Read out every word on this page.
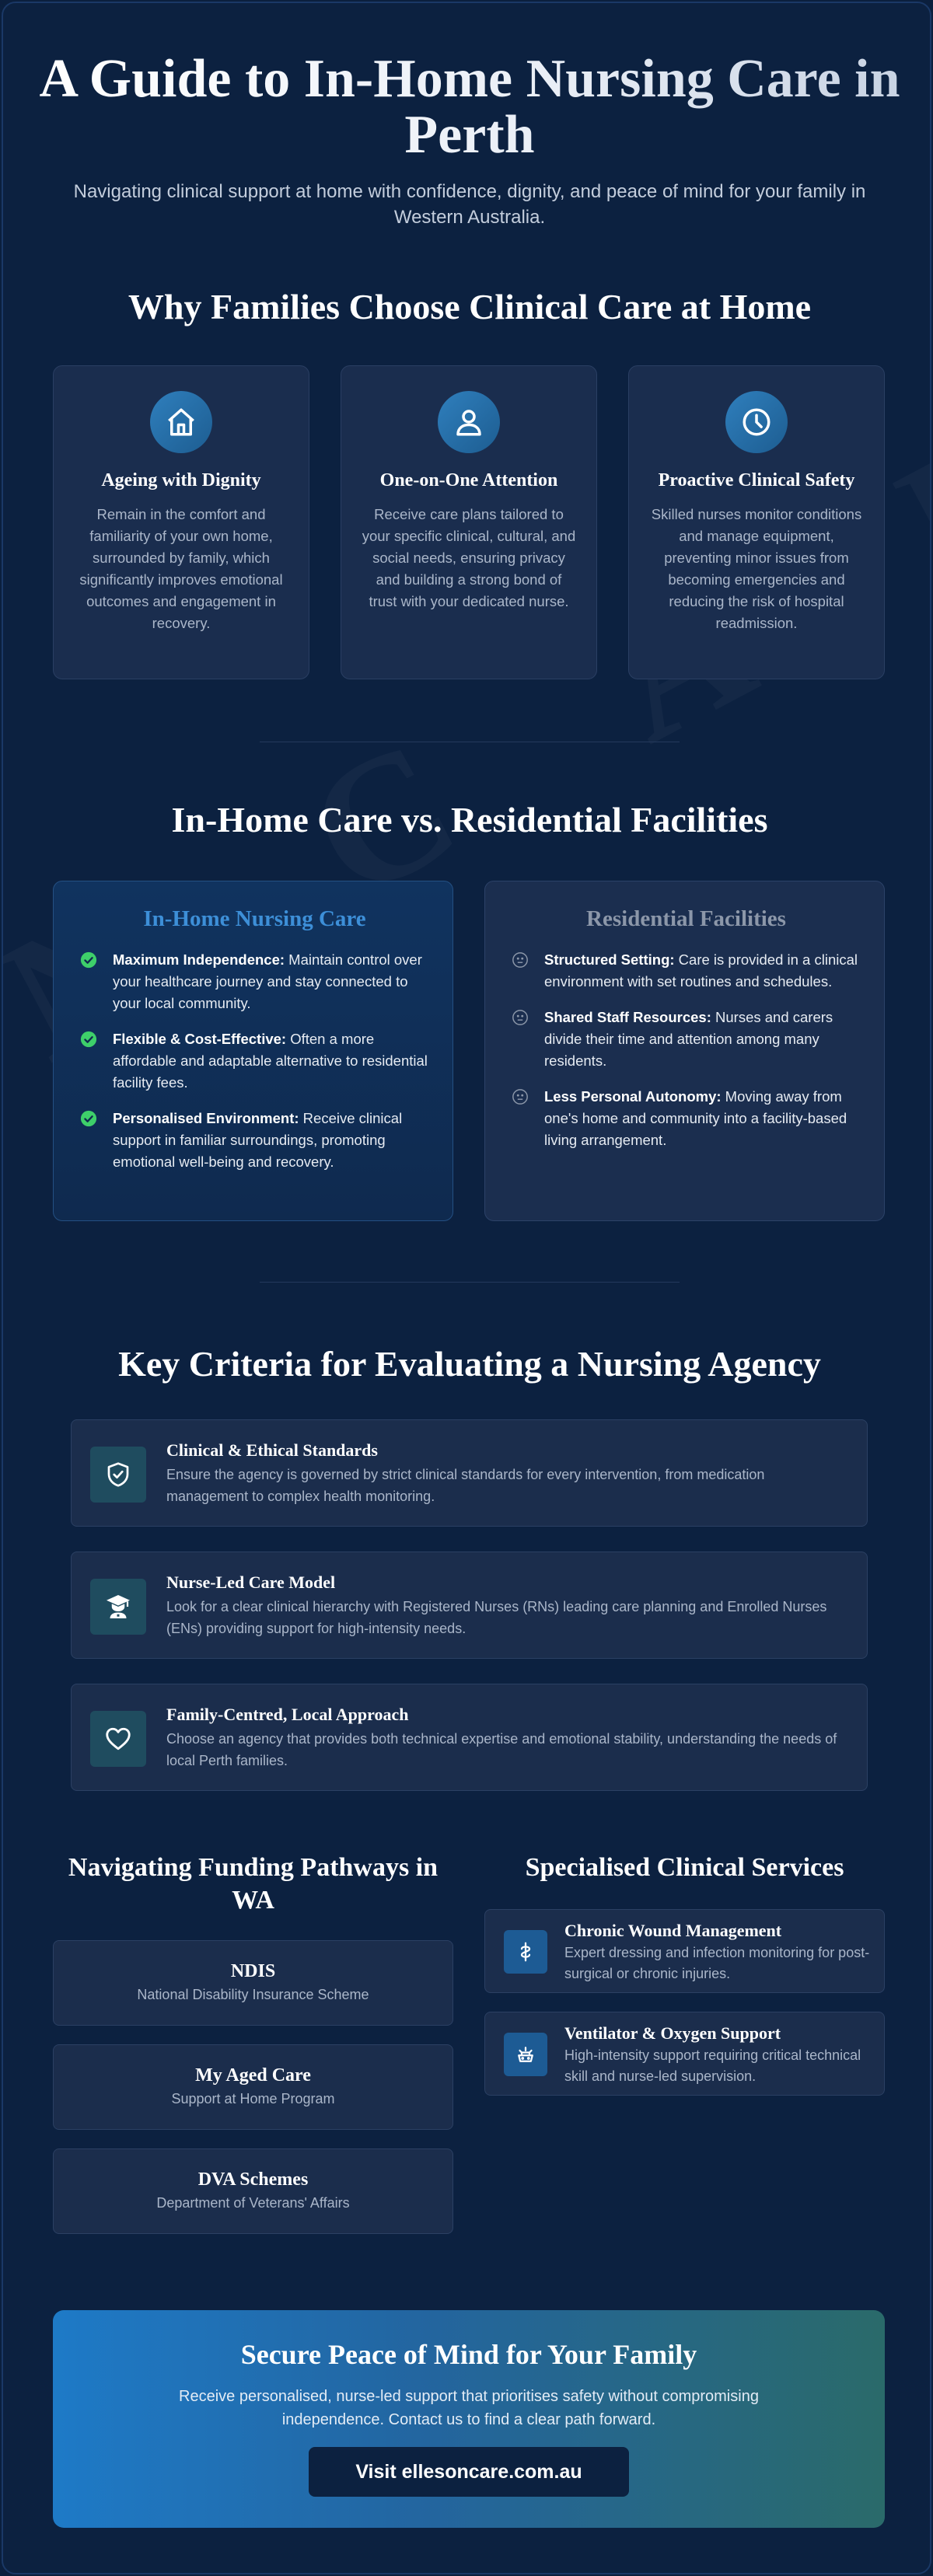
A Guide to In-Home Nursing Care in Perth

Navigating clinical support at home with confidence, dignity, and peace of mind for your family in Western Australia.

Why Families Choose Clinical Care at Home
Ageing with Dignity
Remain in the comfort and familiarity of your own home, surrounded by family, which significantly improves emotional outcomes and engagement in recovery.
One-on-One Attention
Receive care plans tailored to your specific clinical, cultural, and social needs, ensuring privacy and building a strong bond of trust with your dedicated nurse.
Proactive Clinical Safety
Skilled nurses monitor conditions and manage equipment, preventing minor issues from becoming emergencies and reducing the risk of hospital readmission.
In-Home Care vs. Residential Facilities
In-Home Nursing Care
Maximum Independence: Maintain control over your healthcare journey and stay connected to your local community.
Flexible & Cost-Effective: Often a more affordable and adaptable alternative to residential facility fees.
Personalised Environment: Receive clinical support in familiar surroundings, promoting emotional well-being and recovery.
Residential Facilities
Structured Setting: Care is provided in a clinical environment with set routines and schedules.
Shared Staff Resources: Nurses and carers divide their time and attention among many residents.
Less Personal Autonomy: Moving away from one's home and community into a facility-based living arrangement.
Key Criteria for Evaluating a Nursing Agency
Clinical & Ethical Standards
Ensure the agency is governed by strict clinical standards for every intervention, from medication management to complex health monitoring.
Nurse-Led Care Model
Look for a clear clinical hierarchy with Registered Nurses (RNs) leading care planning and Enrolled Nurses (ENs) providing support for high-intensity needs.
Family-Centred, Local Approach
Choose an agency that provides both technical expertise and emotional stability, understanding the needs of local Perth families.
Navigating Funding Pathways in WA
NDIS
National Disability Insurance Scheme
My Aged Care
Support at Home Program
DVA Schemes
Department of Veterans' Affairs
Specialised Clinical Services
Chronic Wound Management
Expert dressing and infection monitoring for post-surgical or chronic injuries.
Ventilator & Oxygen Support
High-intensity support requiring critical technical skill and nurse-led supervision.
Secure Peace of Mind for Your Family
Receive personalised, nurse-led support that prioritises safety without compromising independence. Contact us to find a clear path forward.
Visit ellesoncare.com.au
